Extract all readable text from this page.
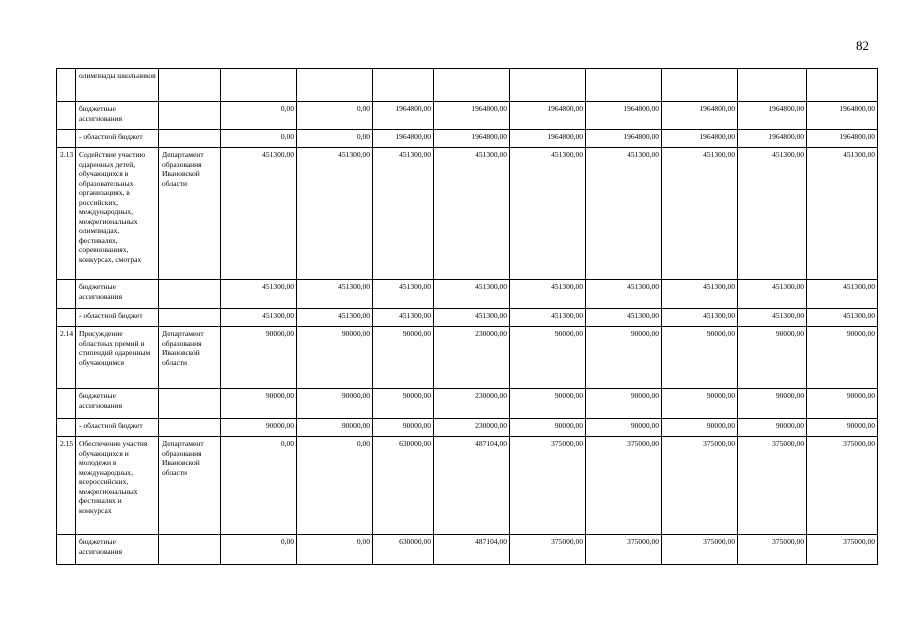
82
	олимпиады школьников										
	бюджетные ассигнования		0,00	0,00	1964800,00	1964800,00	1964800,00	1964800,00	1964800,00	1964800,00	1964800,00
	- областной бюджет		0,00	0,00	1964800,00	1964800,00	1964800,00	1964800,00	1964800,00	1964800,00	1964800,00
2.13	Содействие участию одаренных детей, обучающихся в образовательных организациях, в российских, международных, межрегиональных олимпиадах, фестивалях, соревнованиях, конкурсах, смотрах	Департамент образования Ивановской области	451300,00	451300,00	451300,00	451300,00	451300,00	451300,00	451300,00	451300,00	451300,00
	бюджетные ассигнования		451300,00	451300,00	451300,00	451300,00	451300,00	451300,00	451300,00	451300,00	451300,00
	- областной бюджет		451300,00	451300,00	451300,00	451300,00	451300,00	451300,00	451300,00	451300,00	451300,00
2.14	Присуждение областных премий и стипендий одаренным обучающимся	Департамент образования Ивановской области	90000,00	90000,00	90000,00	230000,00	90000,00	90000,00	90000,00	90000,00	90000,00
	бюджетные ассигнования		90000,00	90000,00	90000,00	230000,00	90000,00	90000,00	90000,00	90000,00	90000,00
	- областной бюджет		90000,00	90000,00	90000,00	230000,00	90000,00	90000,00	90000,00	90000,00	90000,00
2.15	Обеспечение участия обучающихся и молодежи в международных, всероссийских, межрегиональных фестивалях и конкурсах	Департамент образования Ивановской области	0,00	0,00	630000,00	487104,00	375000,00	375000,00	375000,00	375000,00	375000,00
	бюджетные ассигнования		0,00	0,00	630000,00	487104,00	375000,00	375000,00	375000,00	375000,00	375000,00
